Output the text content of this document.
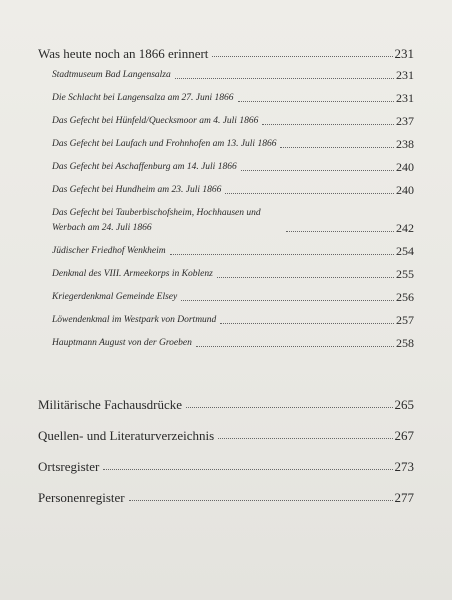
Was heute noch an 1866 erinnert	231
Stadtmuseum Bad Langensalza	231
Die Schlacht bei Langensalza am 27. Juni 1866	231
Das Gefecht bei Hünfeld/Quecksmoor am 4. Juli 1866	237
Das Gefecht bei Laufach und Frohnhofen am 13. Juli 1866	238
Das Gefecht bei Aschaffenburg am 14. Juli 1866	240
Das Gefecht bei Hundheim am 23. Juli 1866	240
Das Gefecht bei Tauberbischofsheim, Hochhausen und Werbach am 24. Juli 1866	242
Jüdischer Friedhof Wenkheim	254
Denkmal des VIII. Armeekorps in Koblenz	255
Kriegerdenkmal Gemeinde Elsey	256
Löwendenkmal im Westpark von Dortmund	257
Hauptmann August von der Groeben	258
Militärische Fachausdrücke	265
Quellen- und Literaturverzeichnis	267
Ortsregister	273
Personenregister	277
